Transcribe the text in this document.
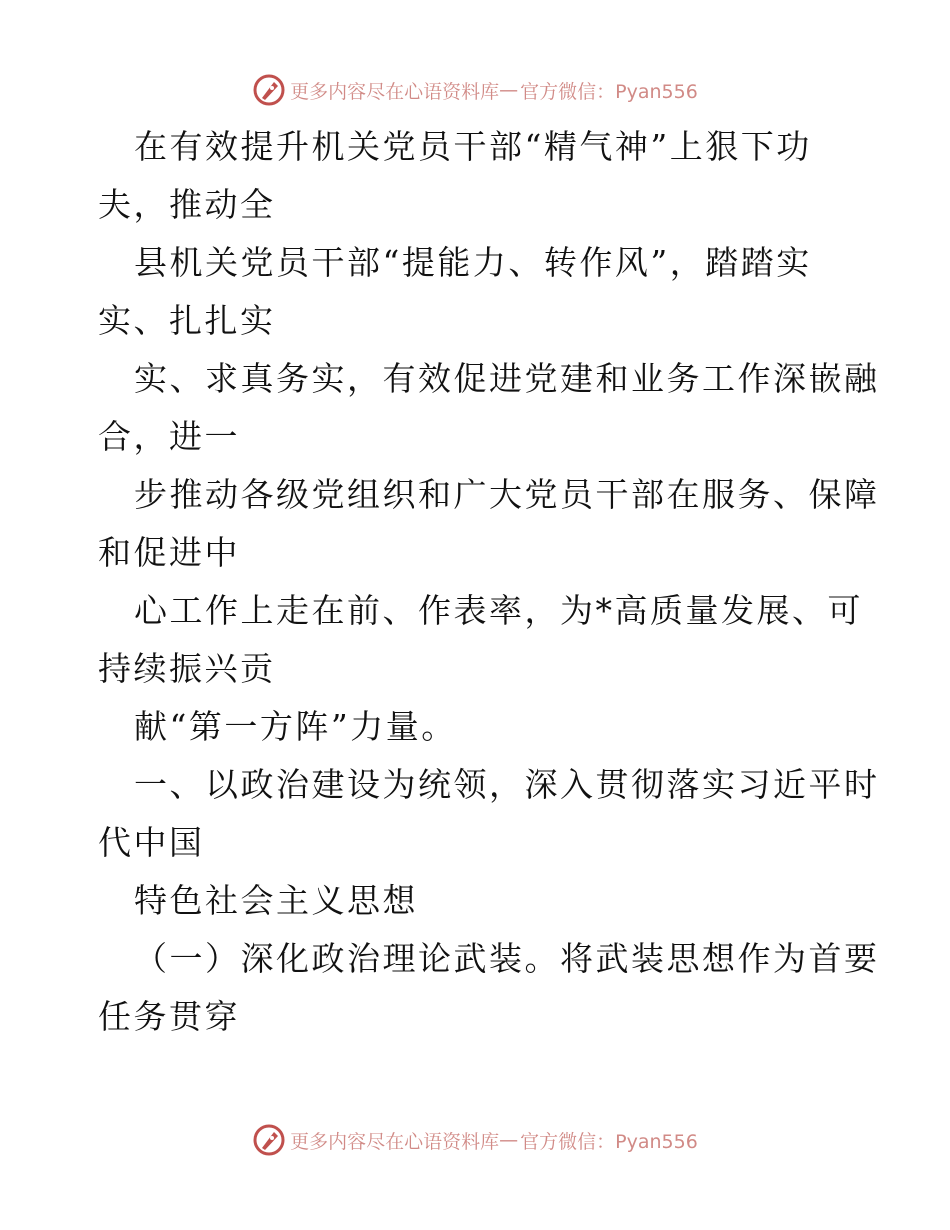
更多内容尽在心语资料库 — 官方微信：Pyan556
在有效提升机关党员干部“精气神”上狠下功
夫，推动全
县机关党员干部“提能力、转作风”，踏踏实
实、扎扎实
实、求真务实，有效促进党建和业务工作深嵌融
合，进一
步推动各级党组织和广大党员干部在服务、保障
和促进中
心工作上走在前、作表率，为*高质量发展、可
持续振兴贡
献“第一方阵”力量。
一、以政治建设为统领，深入贯彻落实习近平时
代中国
特色社会主义思想
（一）深化政治理论武装。将武装思想作为首要
任务贯穿
更多内容尽在心语资料库 — 官方微信：Pyan556
